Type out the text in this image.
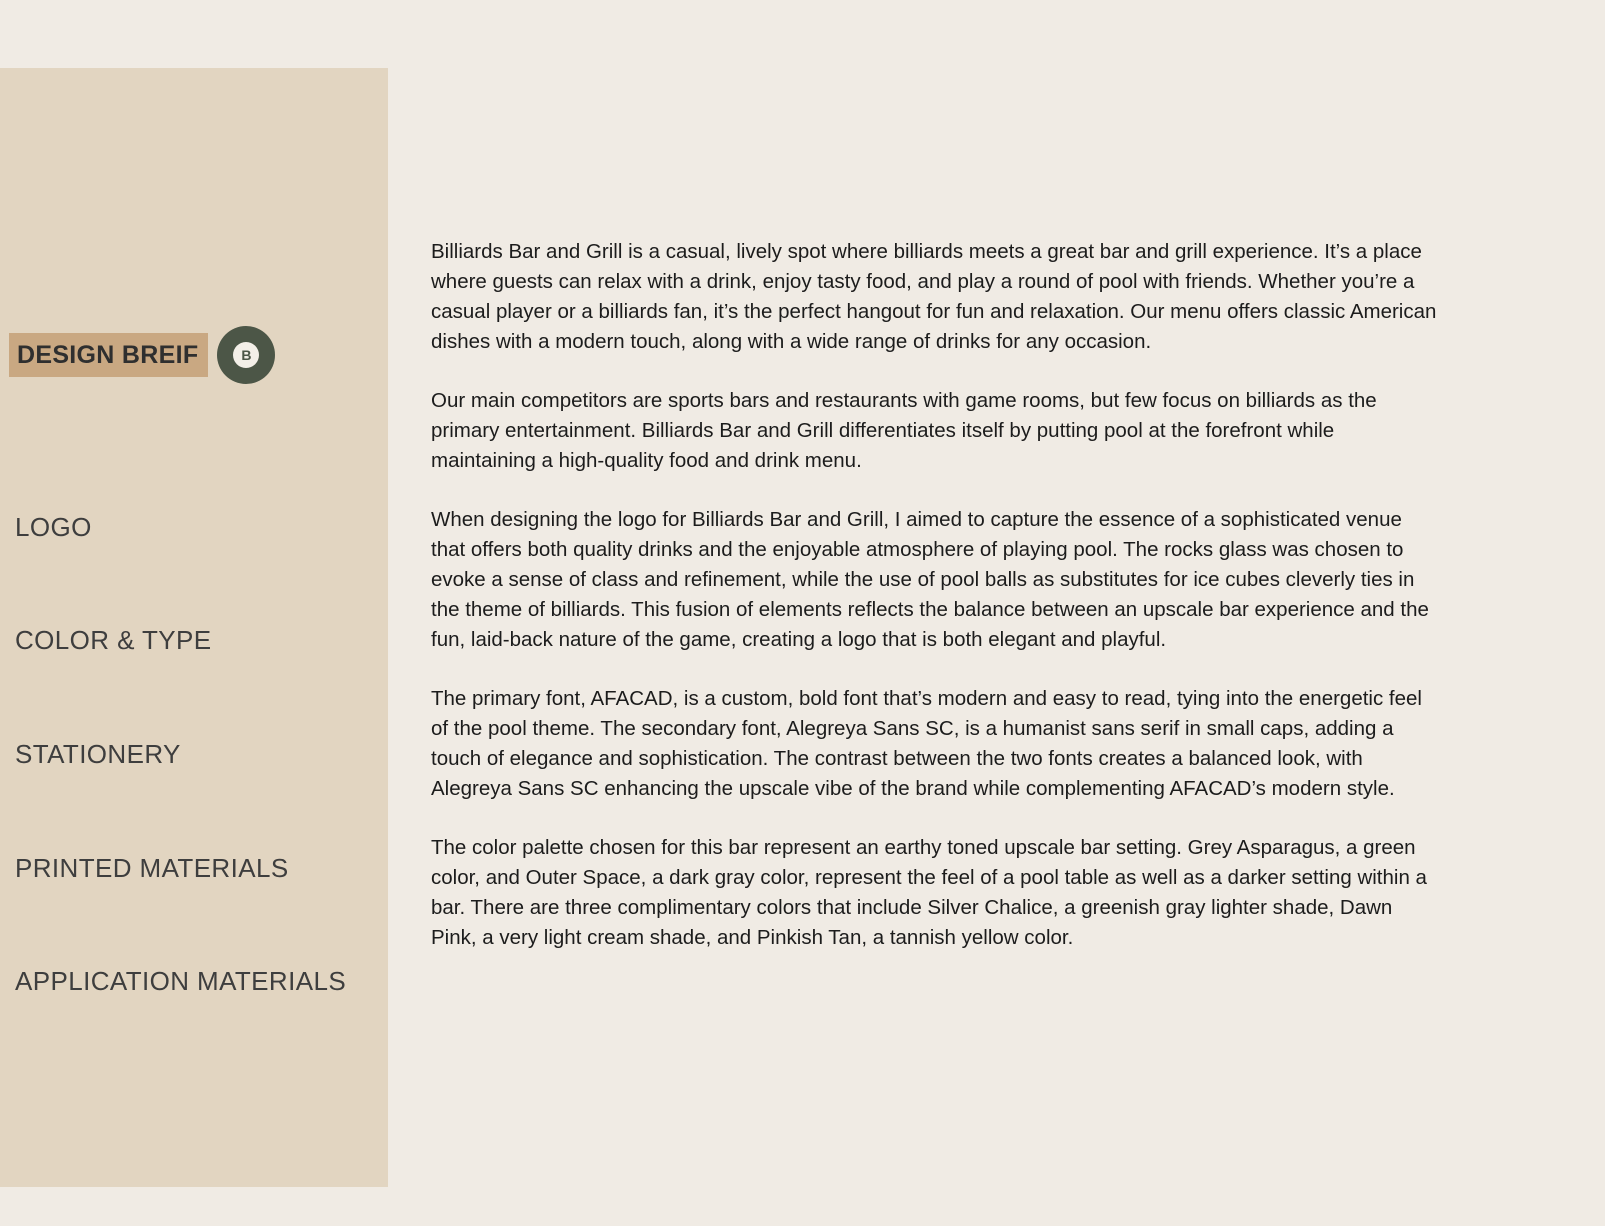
DESIGN BREIF	B
LOGO
COLOR & TYPE
STATIONERY
PRINTED MATERIALS
APPLICATION MATERIALS

Billiards Bar and Grill is a casual, lively spot where billiards meets a great bar and grill experience. It’s a place where guests can relax with a drink, enjoy tasty food, and play a round of pool with friends. Whether you’re a casual player or a billiards fan, it’s the perfect hangout for fun and relaxation. Our menu offers classic American dishes with a modern touch, along with a wide range of drinks for any occasion.

Our main competitors are sports bars and restaurants with game rooms, but few focus on billiards as the primary entertainment. Billiards Bar and Grill differentiates itself by putting pool at the forefront while maintaining a high-quality food and drink menu.

When designing the logo for Billiards Bar and Grill, I aimed to capture the essence of a sophisticated venue that offers both quality drinks and the enjoyable atmosphere of playing pool. The rocks glass was chosen to evoke a sense of class and refinement, while the use of pool balls as substitutes for ice cubes cleverly ties in the theme of billiards. This fusion of elements reflects the balance between an upscale bar experience and the fun, laid-back nature of the game, creating a logo that is both elegant and playful.

The primary font, AFACAD, is a custom, bold font that’s modern and easy to read, tying into the energetic feel of the pool theme. The secondary font, Alegreya Sans SC, is a humanist sans serif in small caps, adding a touch of elegance and sophistication. The contrast between the two fonts creates a balanced look, with Alegreya Sans SC enhancing the upscale vibe of the brand while complementing AFACAD’s modern style.

The color palette chosen for this bar represent an earthy toned upscale bar setting. Grey Asparagus, a green color, and Outer Space, a dark gray color, represent the feel of a pool table as well as a darker setting within a bar. There are three complimentary colors that include Silver Chalice, a greenish gray lighter shade, Dawn Pink, a very light cream shade, and Pinkish Tan, a tannish yellow color.
